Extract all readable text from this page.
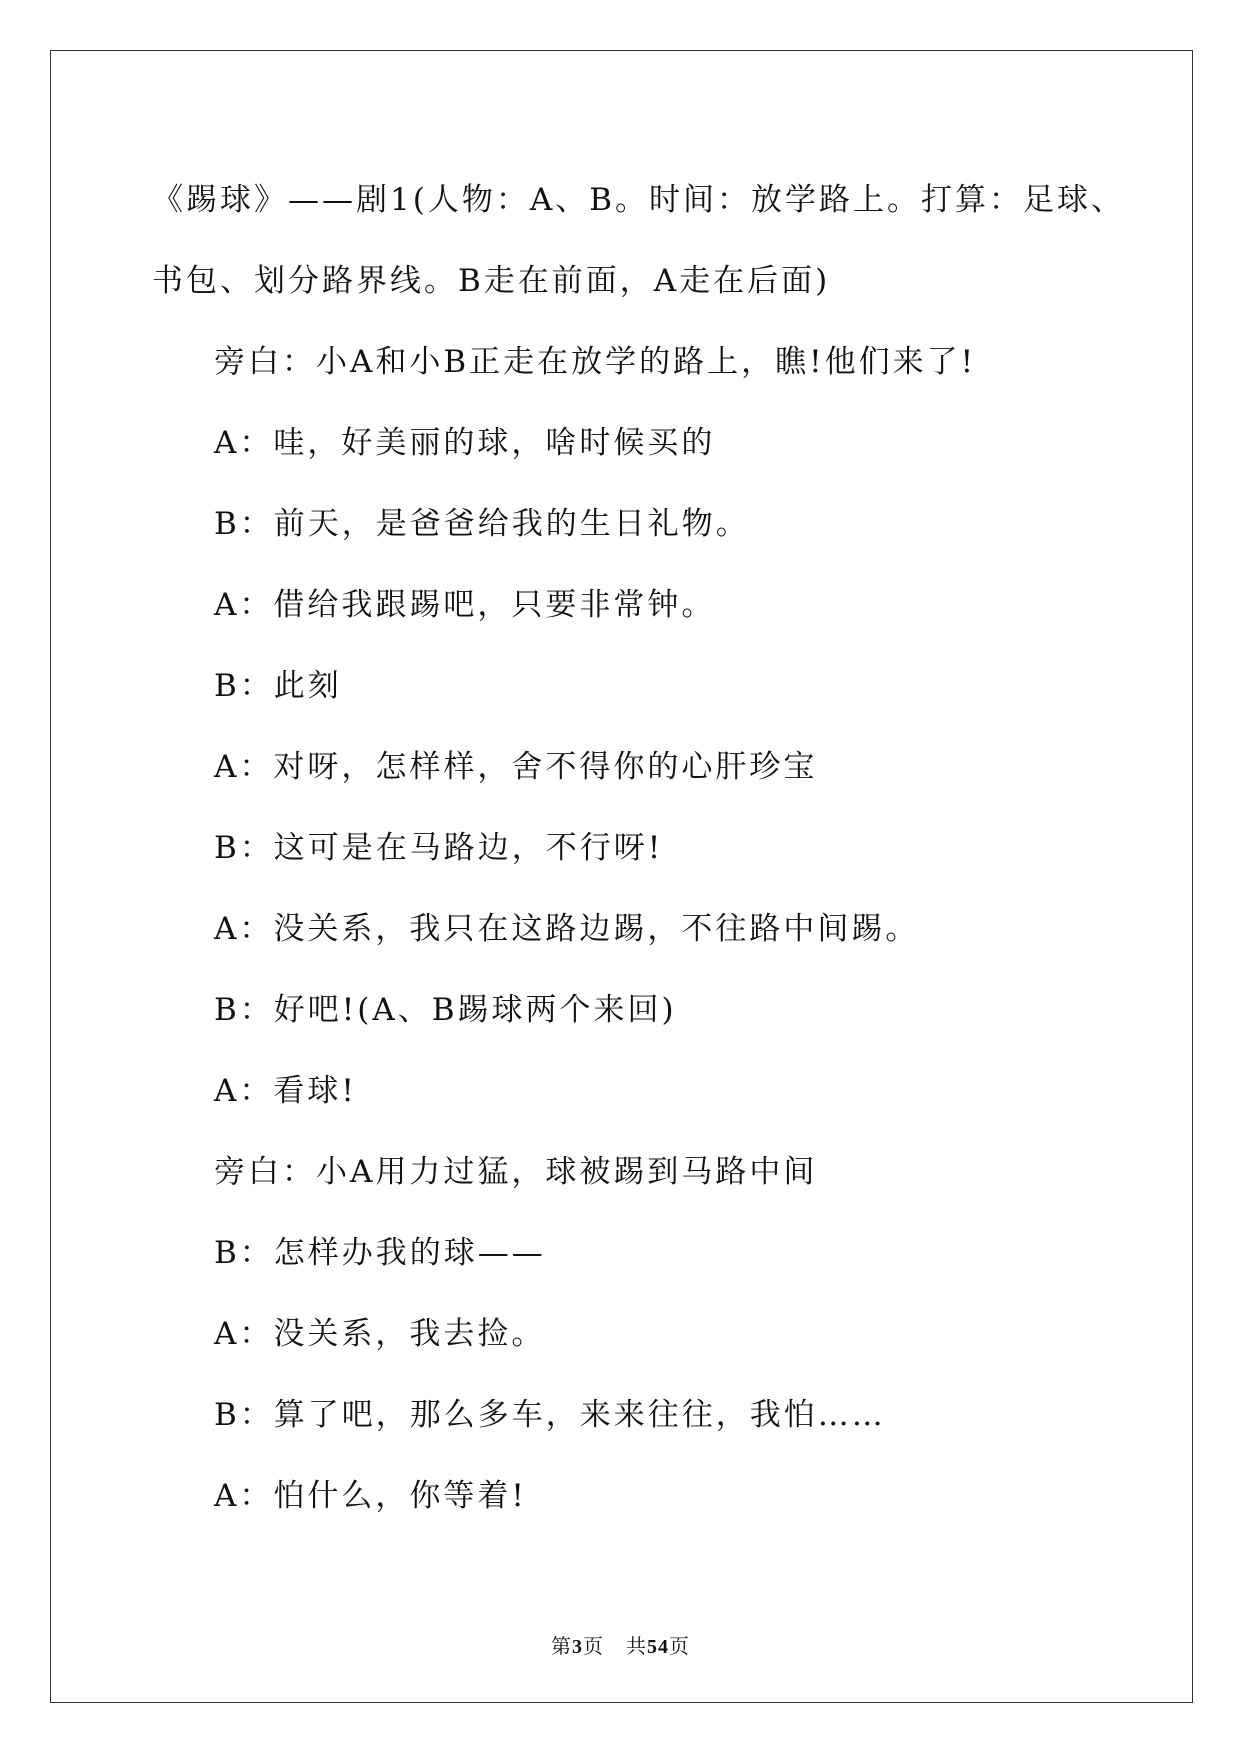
《踢球》——剧1(人物：A、B。时间：放学路上。打算：足球、书包、划分路界线。B走在前面，A走在后面)

旁白：小A和小B正走在放学的路上，瞧!他们来了!

A：哇，好美丽的球，啥时候买的

B：前天，是爸爸给我的生日礼物。

A：借给我跟踢吧，只要非常钟。

B：此刻

A：对呀，怎样样，舍不得你的心肝珍宝

B：这可是在马路边，不行呀!

A：没关系，我只在这路边踢，不往路中间踢。

B：好吧!(A、B踢球两个来回)

A：看球!

旁白：小A用力过猛，球被踢到马路中间

B：怎样办我的球——

A：没关系，我去捡。

B：算了吧，那么多车，来来往往，我怕……

A：怕什么，你等着!

第3页 共54页
